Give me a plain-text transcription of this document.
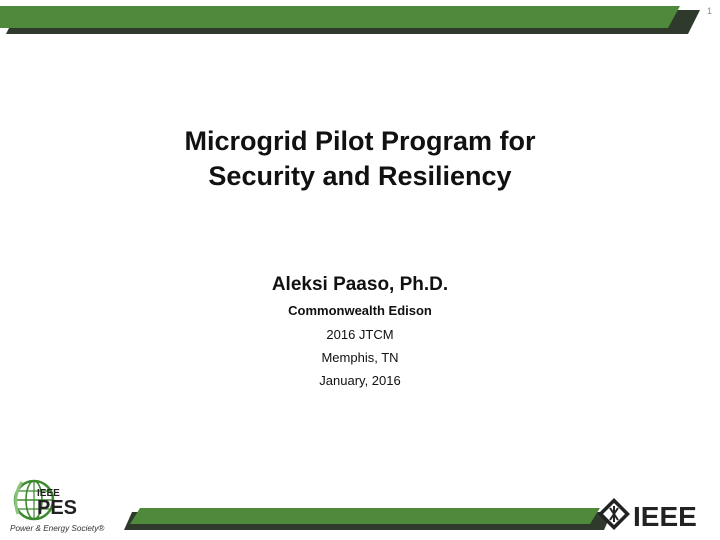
1
Microgrid Pilot Program for
Security and Resiliency
Aleksi Paaso, Ph.D.
Commonwealth Edison
2016 JTCM
Memphis, TN
January, 2016
IEEE
PES
Power & Energy Society®	IEEE
